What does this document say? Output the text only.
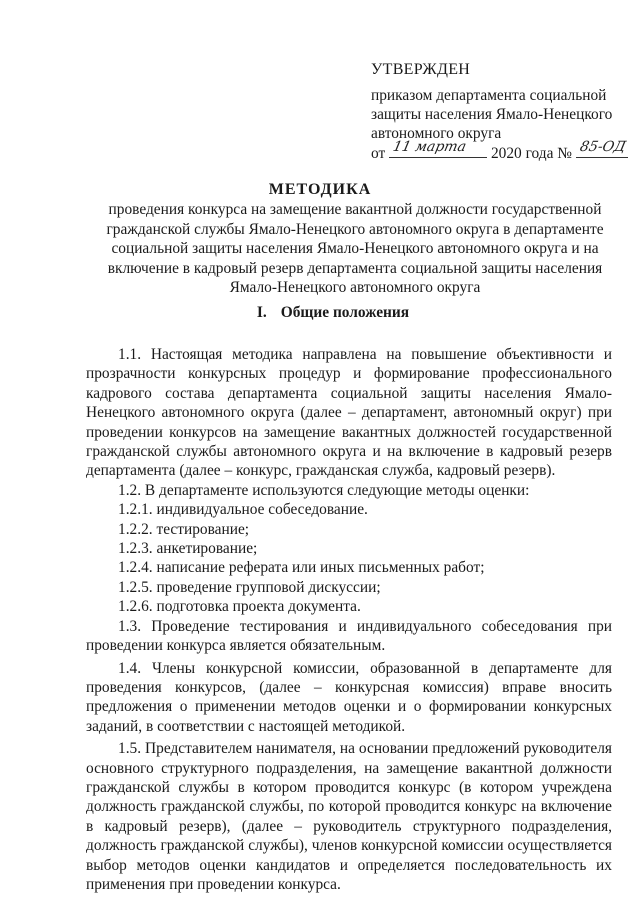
УТВЕРЖДЕН
приказом департамента социальной
защиты населения Ямало-Ненецкого
автономного округа
от 11 марта 2020 года № 85-ОД
МЕТОДИКА
проведения конкурса на замещение вакантной должности государственной гражданской службы Ямало-Ненецкого автономного округа в департаменте социальной защиты населения Ямало-Ненецкого автономного округа и на включение в кадровый резерв департамента социальной защиты населения Ямало-Ненецкого автономного округа
I. Общие положения

1.1. Настоящая методика направлена на повышение объективности и прозрачности конкурсных процедур и формирование профессионального кадрового состава департамента социальной защиты населения Ямало-Ненецкого автономного округа (далее – департамент, автономный округ) при проведении конкурсов на замещение вакантных должностей государственной гражданской службы автономного округа и на включение в кадровый резерв департамента (далее – конкурс, гражданская служба, кадровый резерв).

1.2. В департаменте используются следующие методы оценки:

1.2.1. индивидуальное собеседование.

1.2.2. тестирование;

1.2.3. анкетирование;

1.2.4. написание реферата или иных письменных работ;

1.2.5. проведение групповой дискуссии;

1.2.6. подготовка проекта документа.

1.3. Проведение тестирования и индивидуального собеседования при проведении конкурса является обязательным.

1.4. Члены конкурсной комиссии, образованной в департаменте для проведения конкурсов, (далее – конкурсная комиссия) вправе вносить предложения о применении методов оценки и о формировании конкурсных заданий, в соответствии с настоящей методикой.

1.5. Представителем нанимателя, на основании предложений руководителя основного структурного подразделения, на замещение вакантной должности гражданской службы в котором проводится конкурс (в котором учреждена должность гражданской службы, по которой проводится конкурс на включение в кадровый резерв), (далее – руководитель структурного подразделения, должность гражданской службы), членов конкурсной комиссии осуществляется выбор методов оценки кандидатов и определяется последовательность их применения при проведении конкурса.
